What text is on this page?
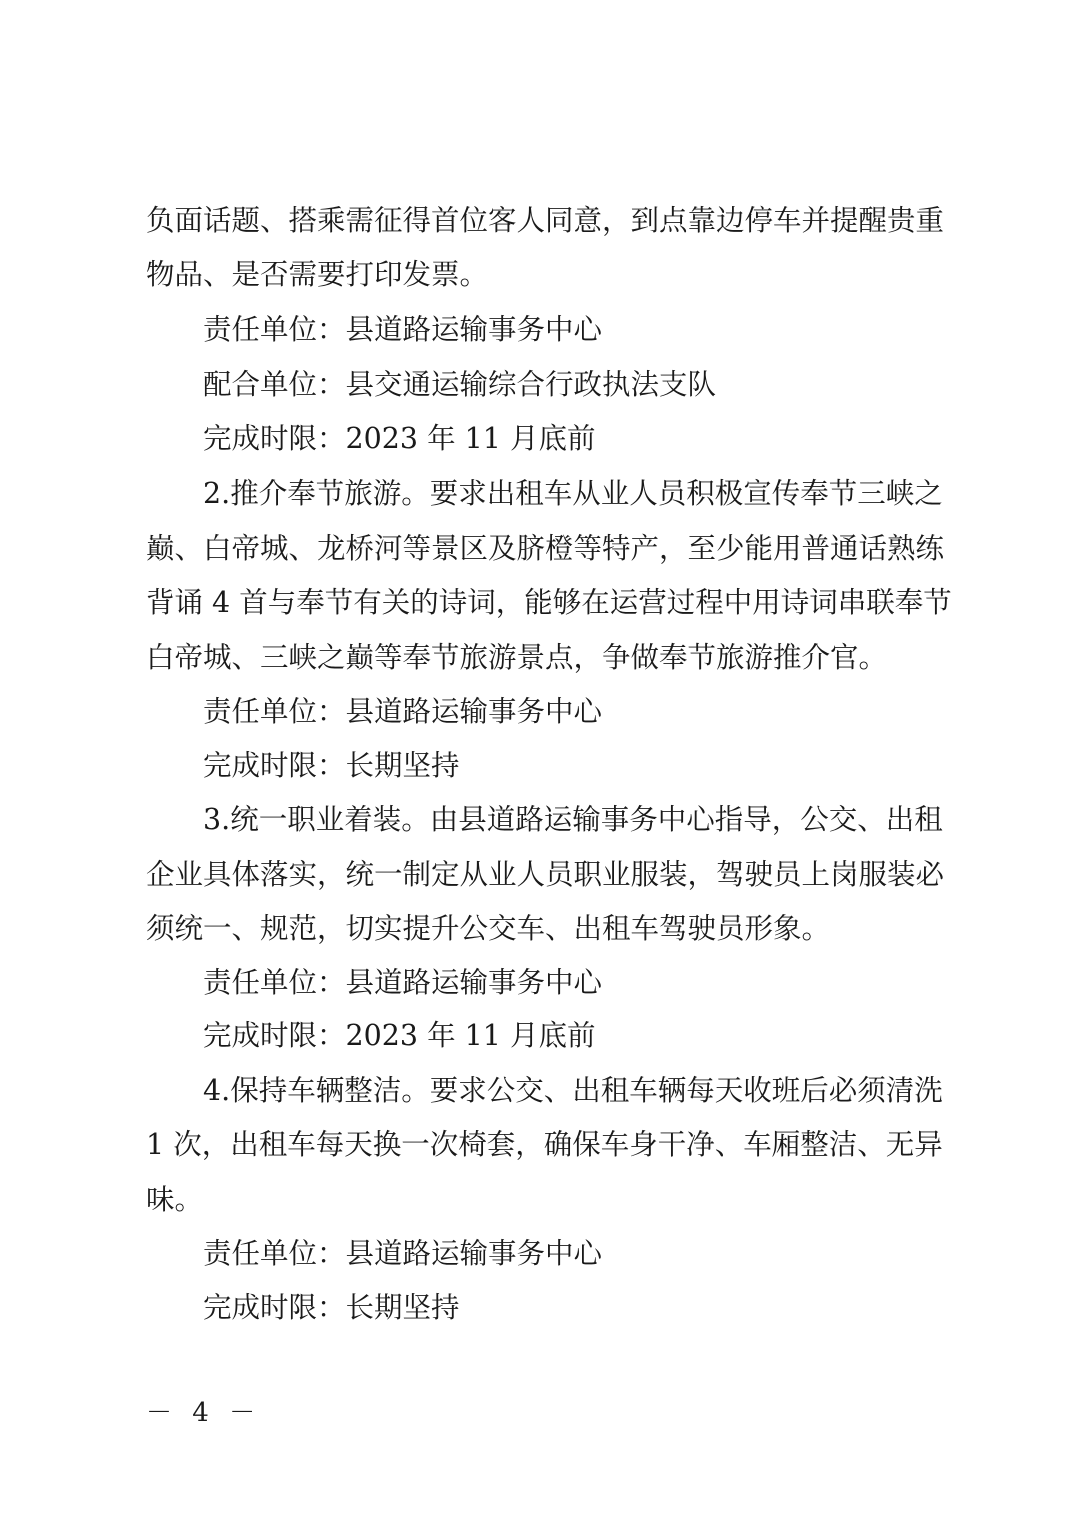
负面话题、搭乘需征得首位客人同意，到点靠边停车并提醒贵重
物品、是否需要打印发票。
责任单位：县道路运输事务中心
配合单位：县交通运输综合行政执法支队
完成时限：2023 年 11 月底前
2.推介奉节旅游。要求出租车从业人员积极宣传奉节三峡之
巅、白帝城、龙桥河等景区及脐橙等特产，至少能用普通话熟练
背诵 4 首与奉节有关的诗词，能够在运营过程中用诗词串联奉节
白帝城、三峡之巅等奉节旅游景点，争做奉节旅游推介官。
责任单位：县道路运输事务中心
完成时限：长期坚持
3.统一职业着装。由县道路运输事务中心指导，公交、出租
企业具体落实，统一制定从业人员职业服装，驾驶员上岗服装必
须统一、规范，切实提升公交车、出租车驾驶员形象。
责任单位：县道路运输事务中心
完成时限：2023 年 11 月底前
4.保持车辆整洁。要求公交、出租车辆每天收班后必须清洗
1 次，出租车每天换一次椅套，确保车身干净、车厢整洁、无异
味。
责任单位：县道路运输事务中心
完成时限：长期坚持
－ 4 －
